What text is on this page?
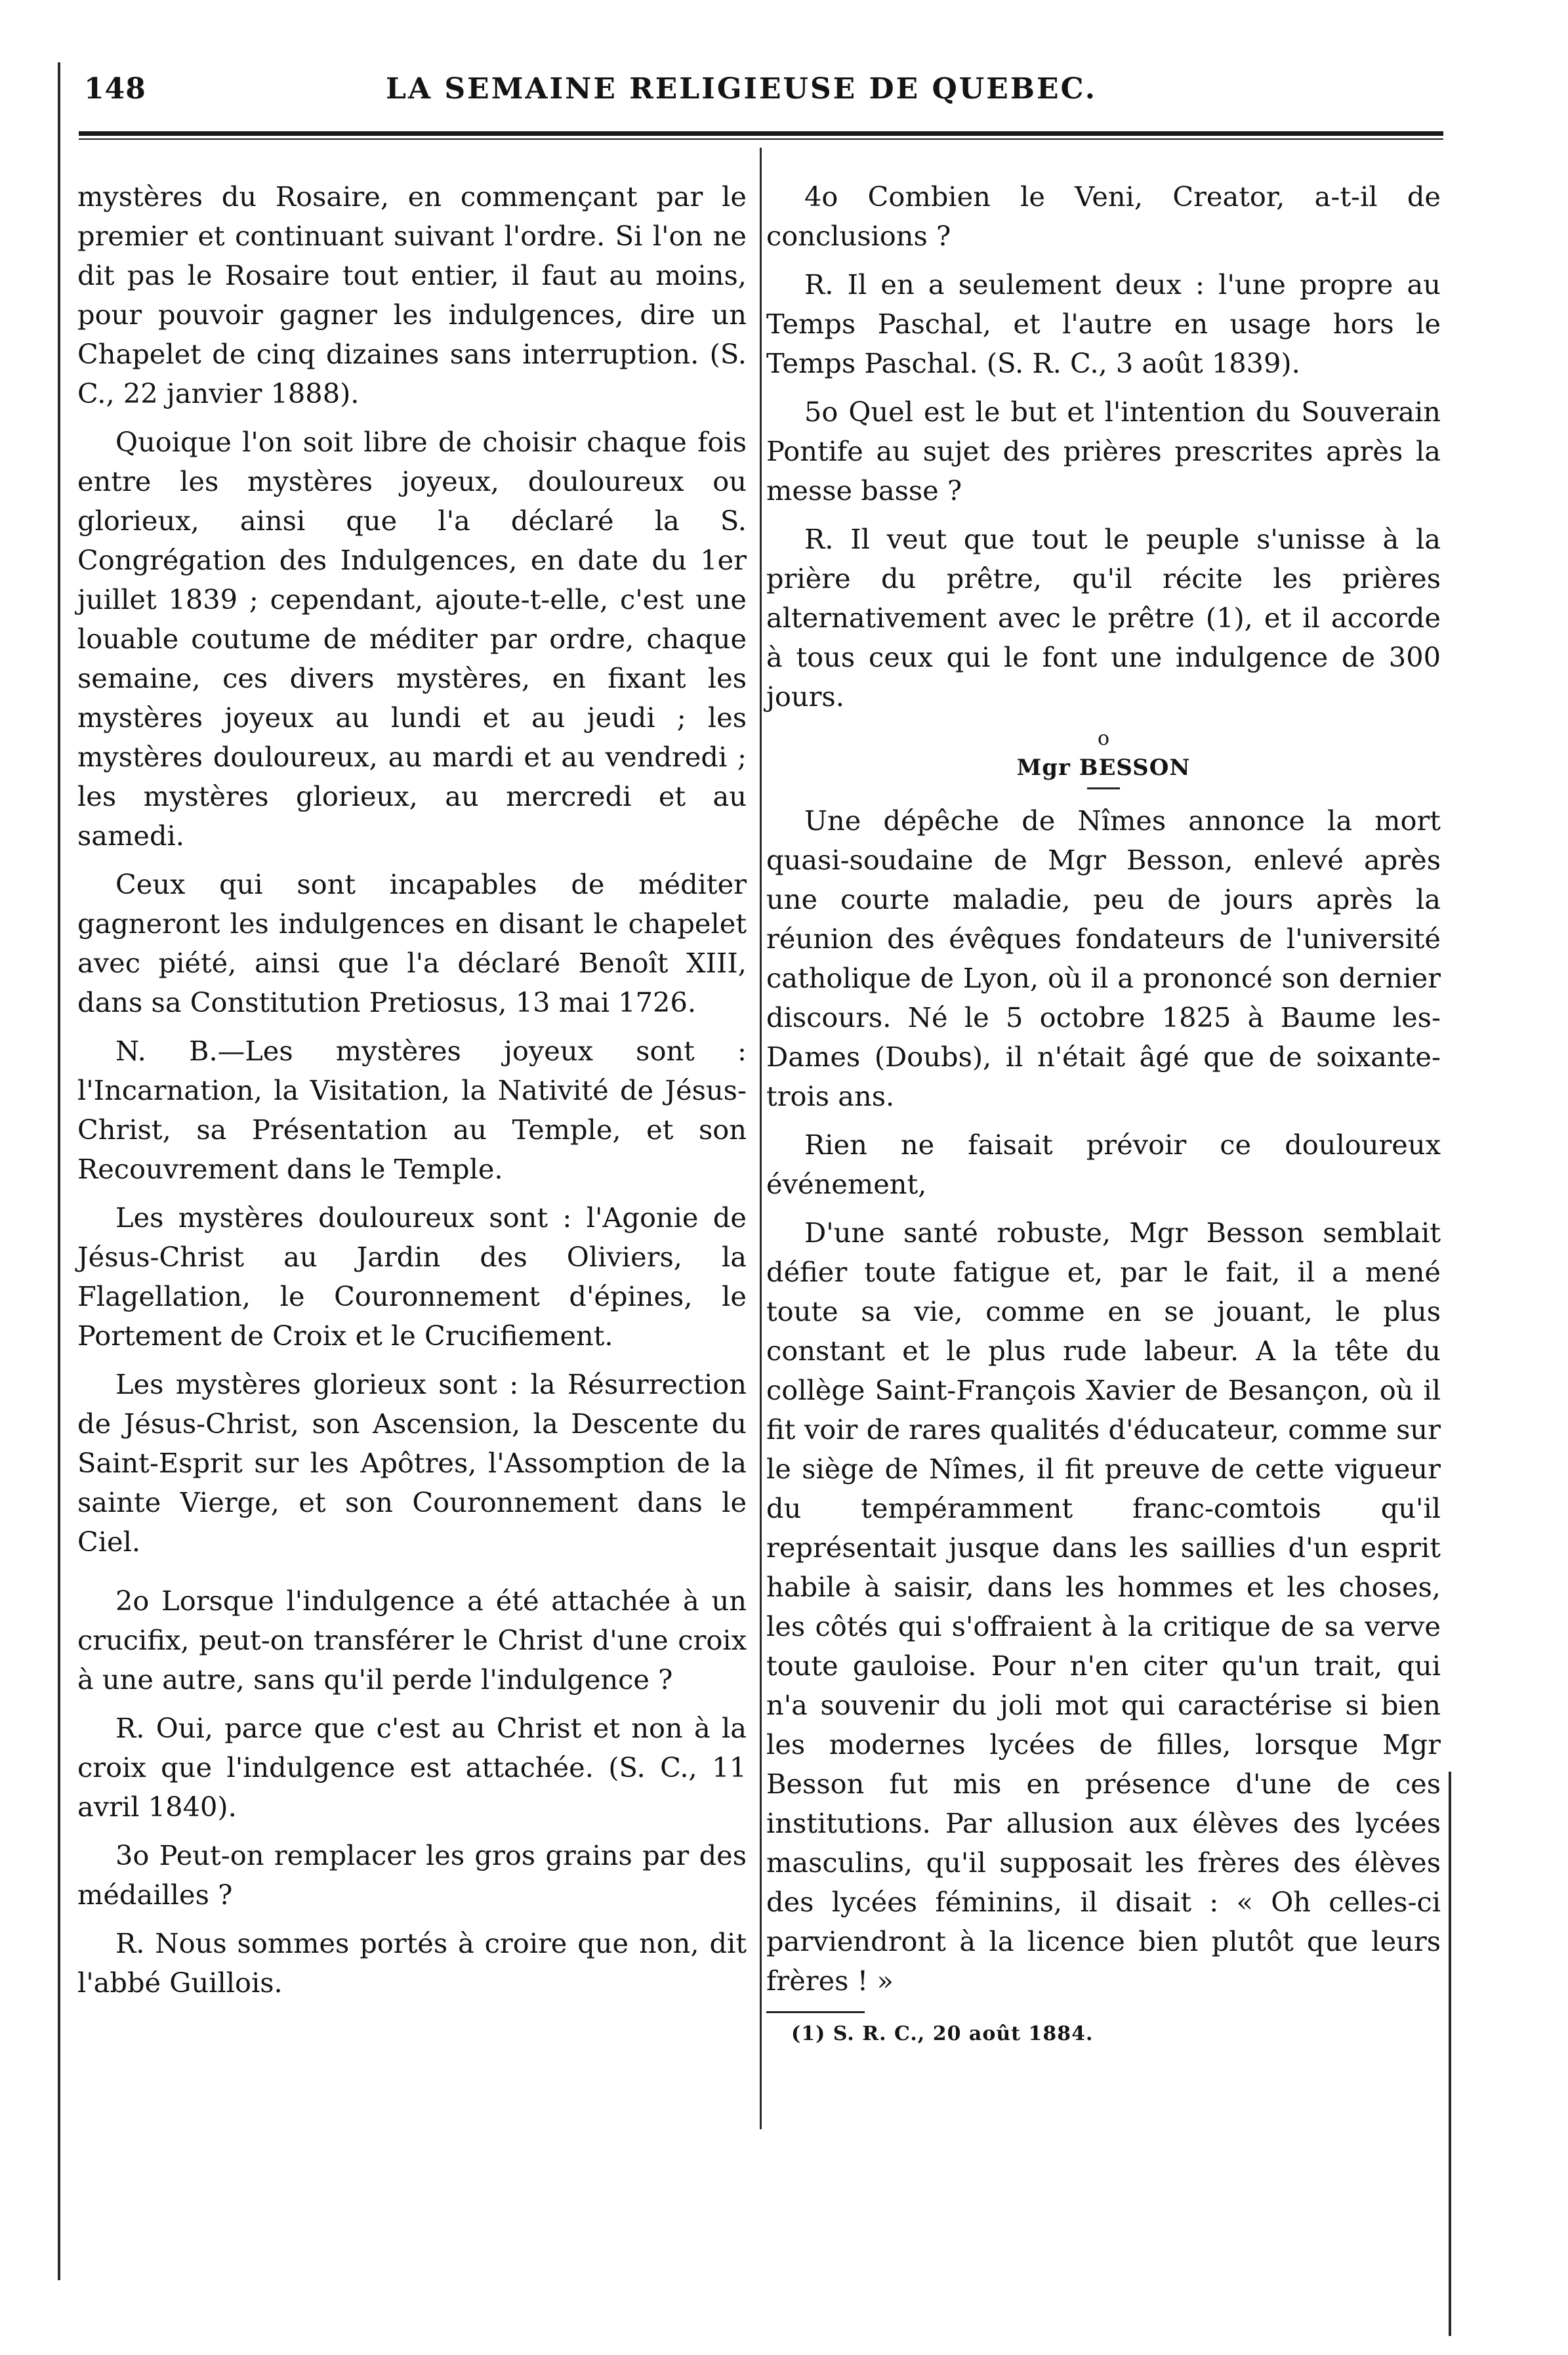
148	LA SEMAINE RELIGIEUSE DE QUEBEC.

mystères du Rosaire, en commençant par le premier et continuant suivant l'ordre. Si l'on ne dit pas le Rosaire tout entier, il faut au moins, pour pouvoir gagner les indulgences, dire un Chapelet de cinq dizaines sans interruption. (S. C., 22 janvier 1888).

Quoique l'on soit libre de choisir chaque fois entre les mystères joyeux, douloureux ou glorieux, ainsi que l'a déclaré la S. Congrégation des Indulgences, en date du 1er juillet 1839 ; cependant, ajoute-t-elle, c'est une louable coutume de méditer par ordre, chaque semaine, ces divers mystères, en fixant les mystères joyeux au lundi et au jeudi ; les mystères douloureux, au mardi et au vendredi ; les mystères glorieux, au mercredi et au samedi.

Ceux qui sont incapables de méditer gagneront les indulgences en disant le chapelet avec piété, ainsi que l'a déclaré Benoît XIII, dans sa Constitution Pretiosus, 13 mai 1726.

N. B.—Les mystères joyeux sont : l'Incarnation, la Visitation, la Nativité de Jésus-Christ, sa Présentation au Temple, et son Recouvrement dans le Temple.

Les mystères douloureux sont : l'Agonie de Jésus-Christ au Jardin des Oliviers, la Flagellation, le Couronnement d'épines, le Portement de Croix et le Crucifiement.

Les mystères glorieux sont : la Résurrection de Jésus-Christ, son Ascension, la Descente du Saint-Esprit sur les Apôtres, l'Assomption de la sainte Vierge, et son Couronnement dans le Ciel.

2o Lorsque l'indulgence a été attachée à un crucifix, peut-on transférer le Christ d'une croix à une autre, sans qu'il perde l'indulgence ?

R. Oui, parce que c'est au Christ et non à la croix que l'indulgence est attachée. (S. C., 11 avril 1840).

3o Peut-on remplacer les gros grains par des médailles ?

R. Nous sommes portés à croire que non, dit l'abbé Guillois.

4o Combien le Veni, Creator, a-t-il de conclusions ?

R. Il en a seulement deux : l'une propre au Temps Paschal, et l'autre en usage hors le Temps Paschal. (S. R. C., 3 août 1839).

5o Quel est le but et l'intention du Souverain Pontife au sujet des prières prescrites après la messe basse ?

R. Il veut que tout le peuple s'unisse à la prière du prêtre, qu'il récite les prières alternativement avec le prêtre (1), et il accorde à tous ceux qui le font une indulgence de 300 jours.

o

Mgr BESSON

Une dépêche de Nîmes annonce la mort quasi-soudaine de Mgr Besson, enlevé après une courte maladie, peu de jours après la réunion des évêques fondateurs de l'université catholique de Lyon, où il a prononcé son dernier discours. Né le 5 octobre 1825 à Baume les-Dames (Doubs), il n'était âgé que de soixante-trois ans.

Rien ne faisait prévoir ce douloureux événement,

D'une santé robuste, Mgr Besson semblait défier toute fatigue et, par le fait, il a mené toute sa vie, comme en se jouant, le plus constant et le plus rude labeur. A la tête du collège Saint-François Xavier de Besançon, où il fit voir de rares qualités d'éducateur, comme sur le siège de Nîmes, il fit preuve de cette vigueur du tempéramment franc-comtois qu'il représentait jusque dans les saillies d'un esprit habile à saisir, dans les hommes et les choses, les côtés qui s'offraient à la critique de sa verve toute gauloise. Pour n'en citer qu'un trait, qui n'a souvenir du joli mot qui caractérise si bien les modernes lycées de filles, lorsque Mgr Besson fut mis en présence d'une de ces institutions. Par allusion aux élèves des lycées masculins, qu'il supposait les frères des élèves des lycées féminins, il disait : « Oh celles-ci parviendront à la licence bien plutôt que leurs frères ! »

(1) S. R. C., 20 août 1884.
